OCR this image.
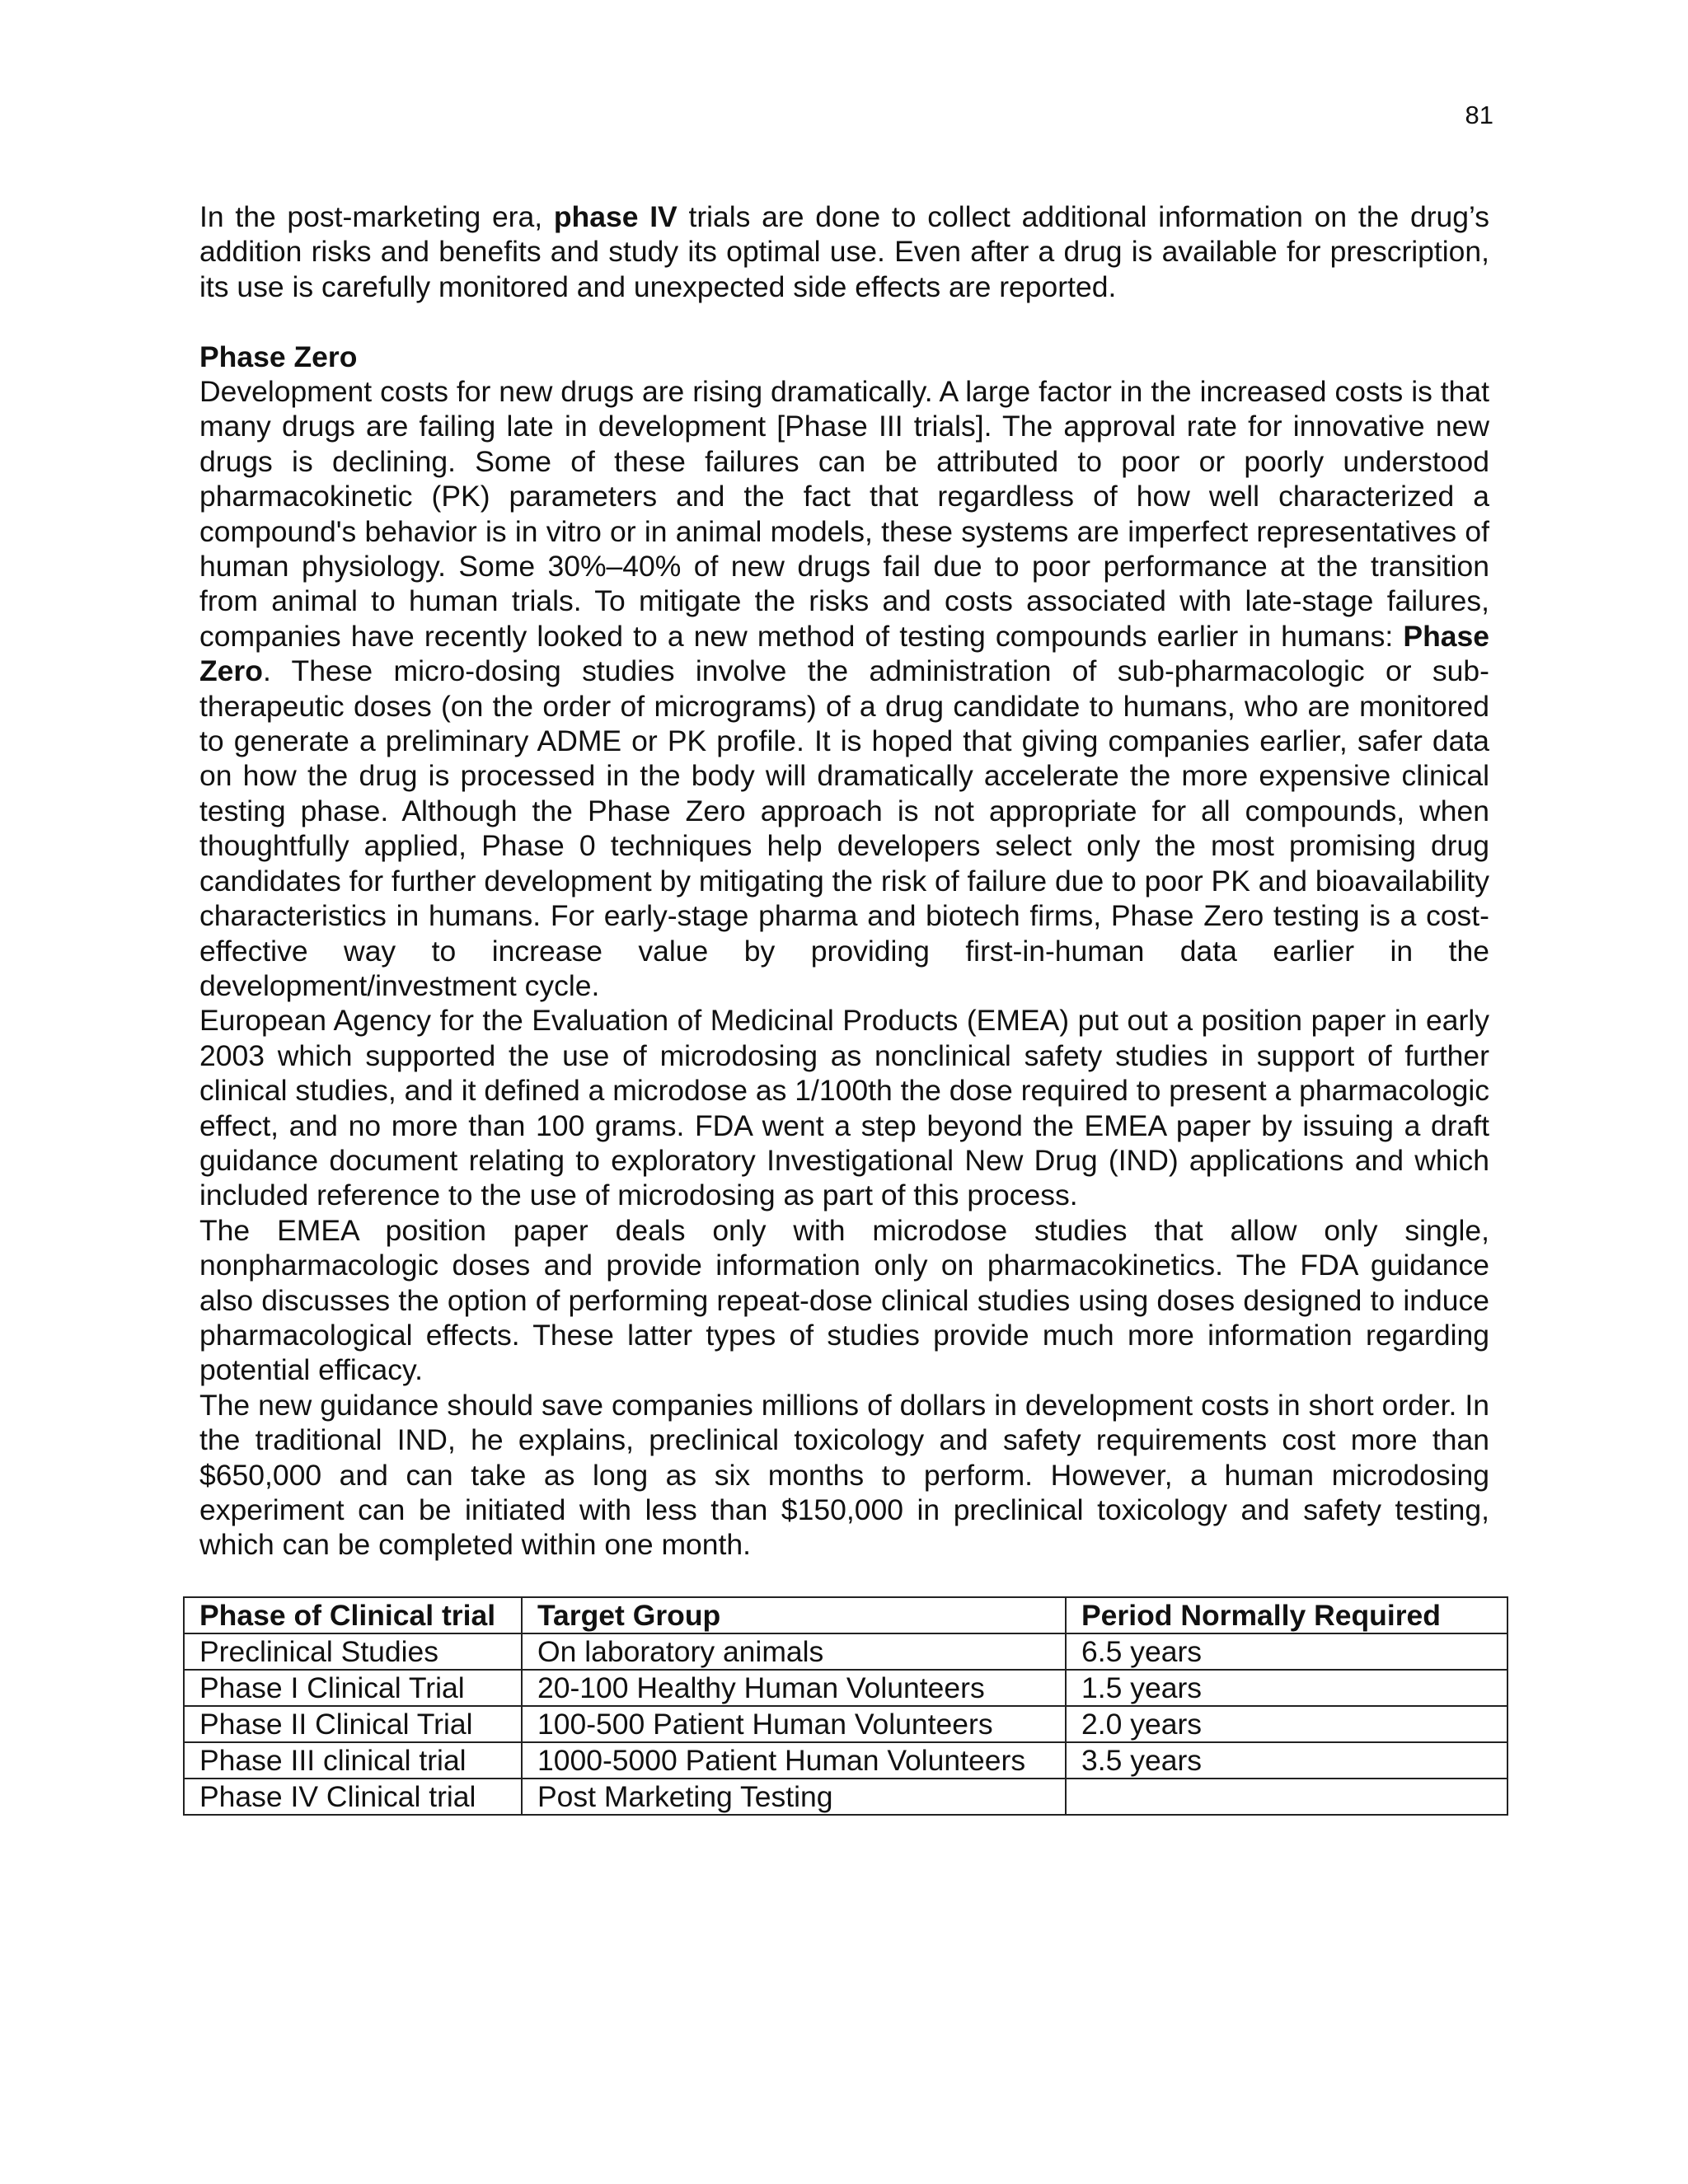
81

In the post-marketing era, phase IV trials are done to collect additional information on the drug’s addition risks and benefits and study its optimal use. Even after a drug is available for prescription, its use is carefully monitored and unexpected side effects are reported.

Phase Zero

Development costs for new drugs are rising dramatically. A large factor in the increased costs is that many drugs are failing late in development [Phase III trials]. The approval rate for innovative new drugs is declining. Some of these failures can be attributed to poor or poorly understood pharmacokinetic (PK) parameters and the fact that regardless of how well characterized a compound's behavior is in vitro or in animal models, these systems are imperfect representatives of human physiology. Some 30%–40% of new drugs fail due to poor performance at the transition from animal to human trials. To mitigate the risks and costs associated with late-stage failures, companies have recently looked to a new method of testing compounds earlier in humans: Phase Zero. These micro-dosing studies involve the administration of sub-pharmacologic or sub-therapeutic doses (on the order of micrograms) of a drug candidate to humans, who are monitored to generate a preliminary ADME or PK profile. It is hoped that giving companies earlier, safer data on how the drug is processed in the body will dramatically accelerate the more expensive clinical testing phase. Although the Phase Zero approach is not appropriate for all compounds, when thoughtfully applied, Phase 0 techniques help developers select only the most promising drug candidates for further development by mitigating the risk of failure due to poor PK and bioavailability characteristics in humans. For early-stage pharma and biotech firms, Phase Zero testing is a cost-effective way to increase value by providing first-in-human data earlier in the development/investment cycle.

European Agency for the Evaluation of Medicinal Products (EMEA) put out a position paper in early 2003 which supported the use of microdosing as nonclinical safety studies in support of further clinical studies, and it defined a microdose as 1/100th the dose required to present a pharmacologic effect, and no more than 100 grams. FDA went a step beyond the EMEA paper by issuing a draft guidance document relating to exploratory Investigational New Drug (IND) applications and which included reference to the use of microdosing as part of this process.

The EMEA position paper deals only with microdose studies that allow only single, nonpharmacologic doses and provide information only on pharmacokinetics. The FDA guidance also discusses the option of performing repeat-dose clinical studies using doses designed to induce pharmacological effects. These latter types of studies provide much more information regarding potential efficacy.

The new guidance should save companies millions of dollars in development costs in short order. In the traditional IND, he explains, preclinical toxicology and safety requirements cost more than $650,000 and can take as long as six months to perform. However, a human microdosing experiment can be initiated with less than $150,000 in preclinical toxicology and safety testing, which can be completed within one month.

Phase of Clinical trial	Target Group	Period Normally Required
Preclinical Studies	On laboratory animals	6.5 years
Phase I Clinical Trial	20-100 Healthy Human Volunteers	1.5 years
Phase II Clinical Trial	100-500 Patient Human Volunteers	2.0 years
Phase III clinical trial	1000-5000 Patient Human Volunteers	3.5 years
Phase IV Clinical trial	Post Marketing Testing	
